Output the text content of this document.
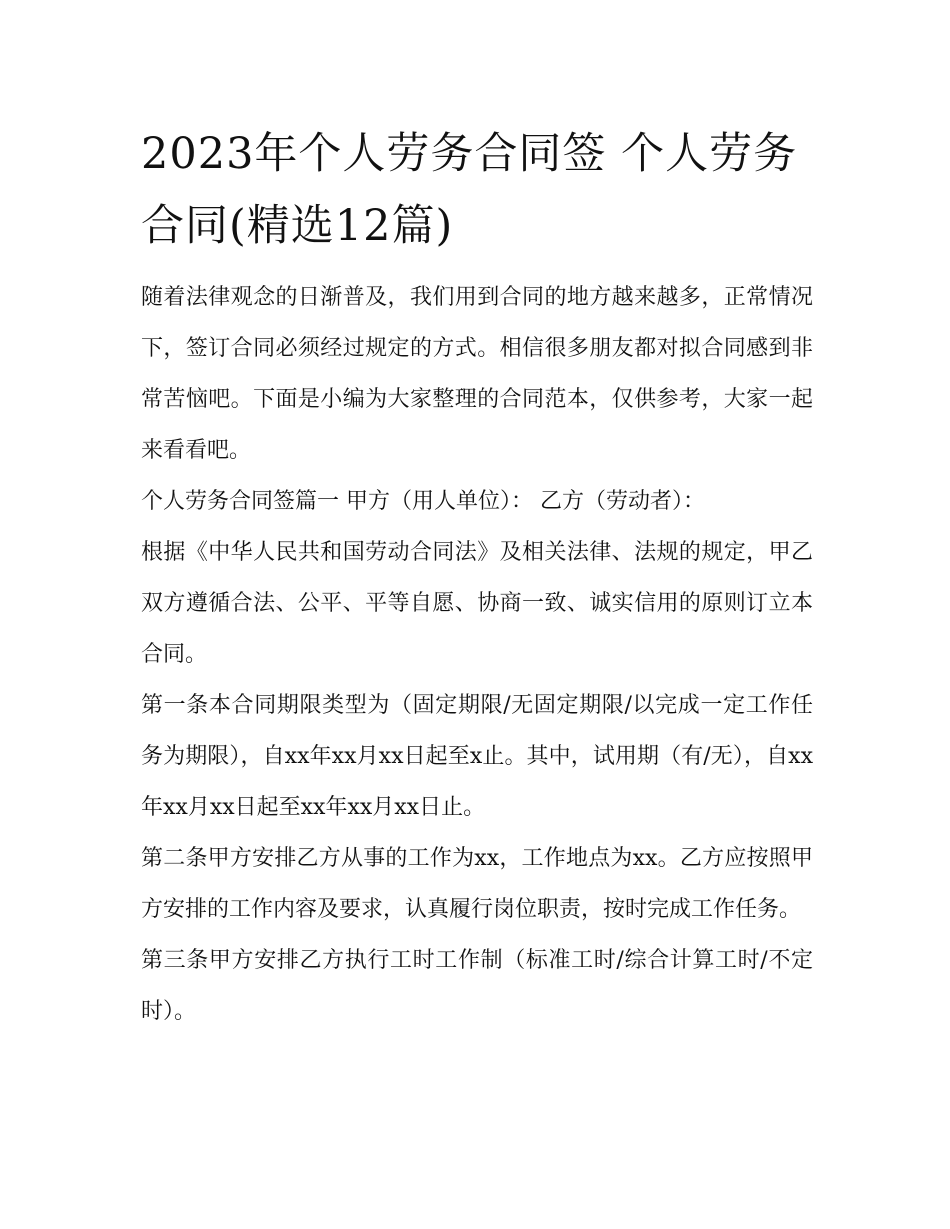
2023年个人劳务合同签 个人劳务合同(精选12篇)

随着法律观念的日渐普及，我们用到合同的地方越来越多，正常情况下，签订合同必须经过规定的方式。相信很多朋友都对拟合同感到非常苦恼吧。下面是小编为大家整理的合同范本，仅供参考，大家一起来看看吧。

个人劳务合同签篇一 甲方（用人单位）： 乙方（劳动者）：

根据《中华人民共和国劳动合同法》及相关法律、法规的规定，甲乙双方遵循合法、公平、平等自愿、协商一致、诚实信用的原则订立本合同。

第一条本合同期限类型为（固定期限/无固定期限/以完成一定工作任务为期限），自xx年xx月xx日起至x止。其中，试用期（有/无），自xx年xx月xx日起至xx年xx月xx日止。

第二条甲方安排乙方从事的工作为xx，工作地点为xx。乙方应按照甲方安排的工作内容及要求，认真履行岗位职责，按时完成工作任务。

第三条甲方安排乙方执行工时工作制（标准工时/综合计算工时/不定时）。
